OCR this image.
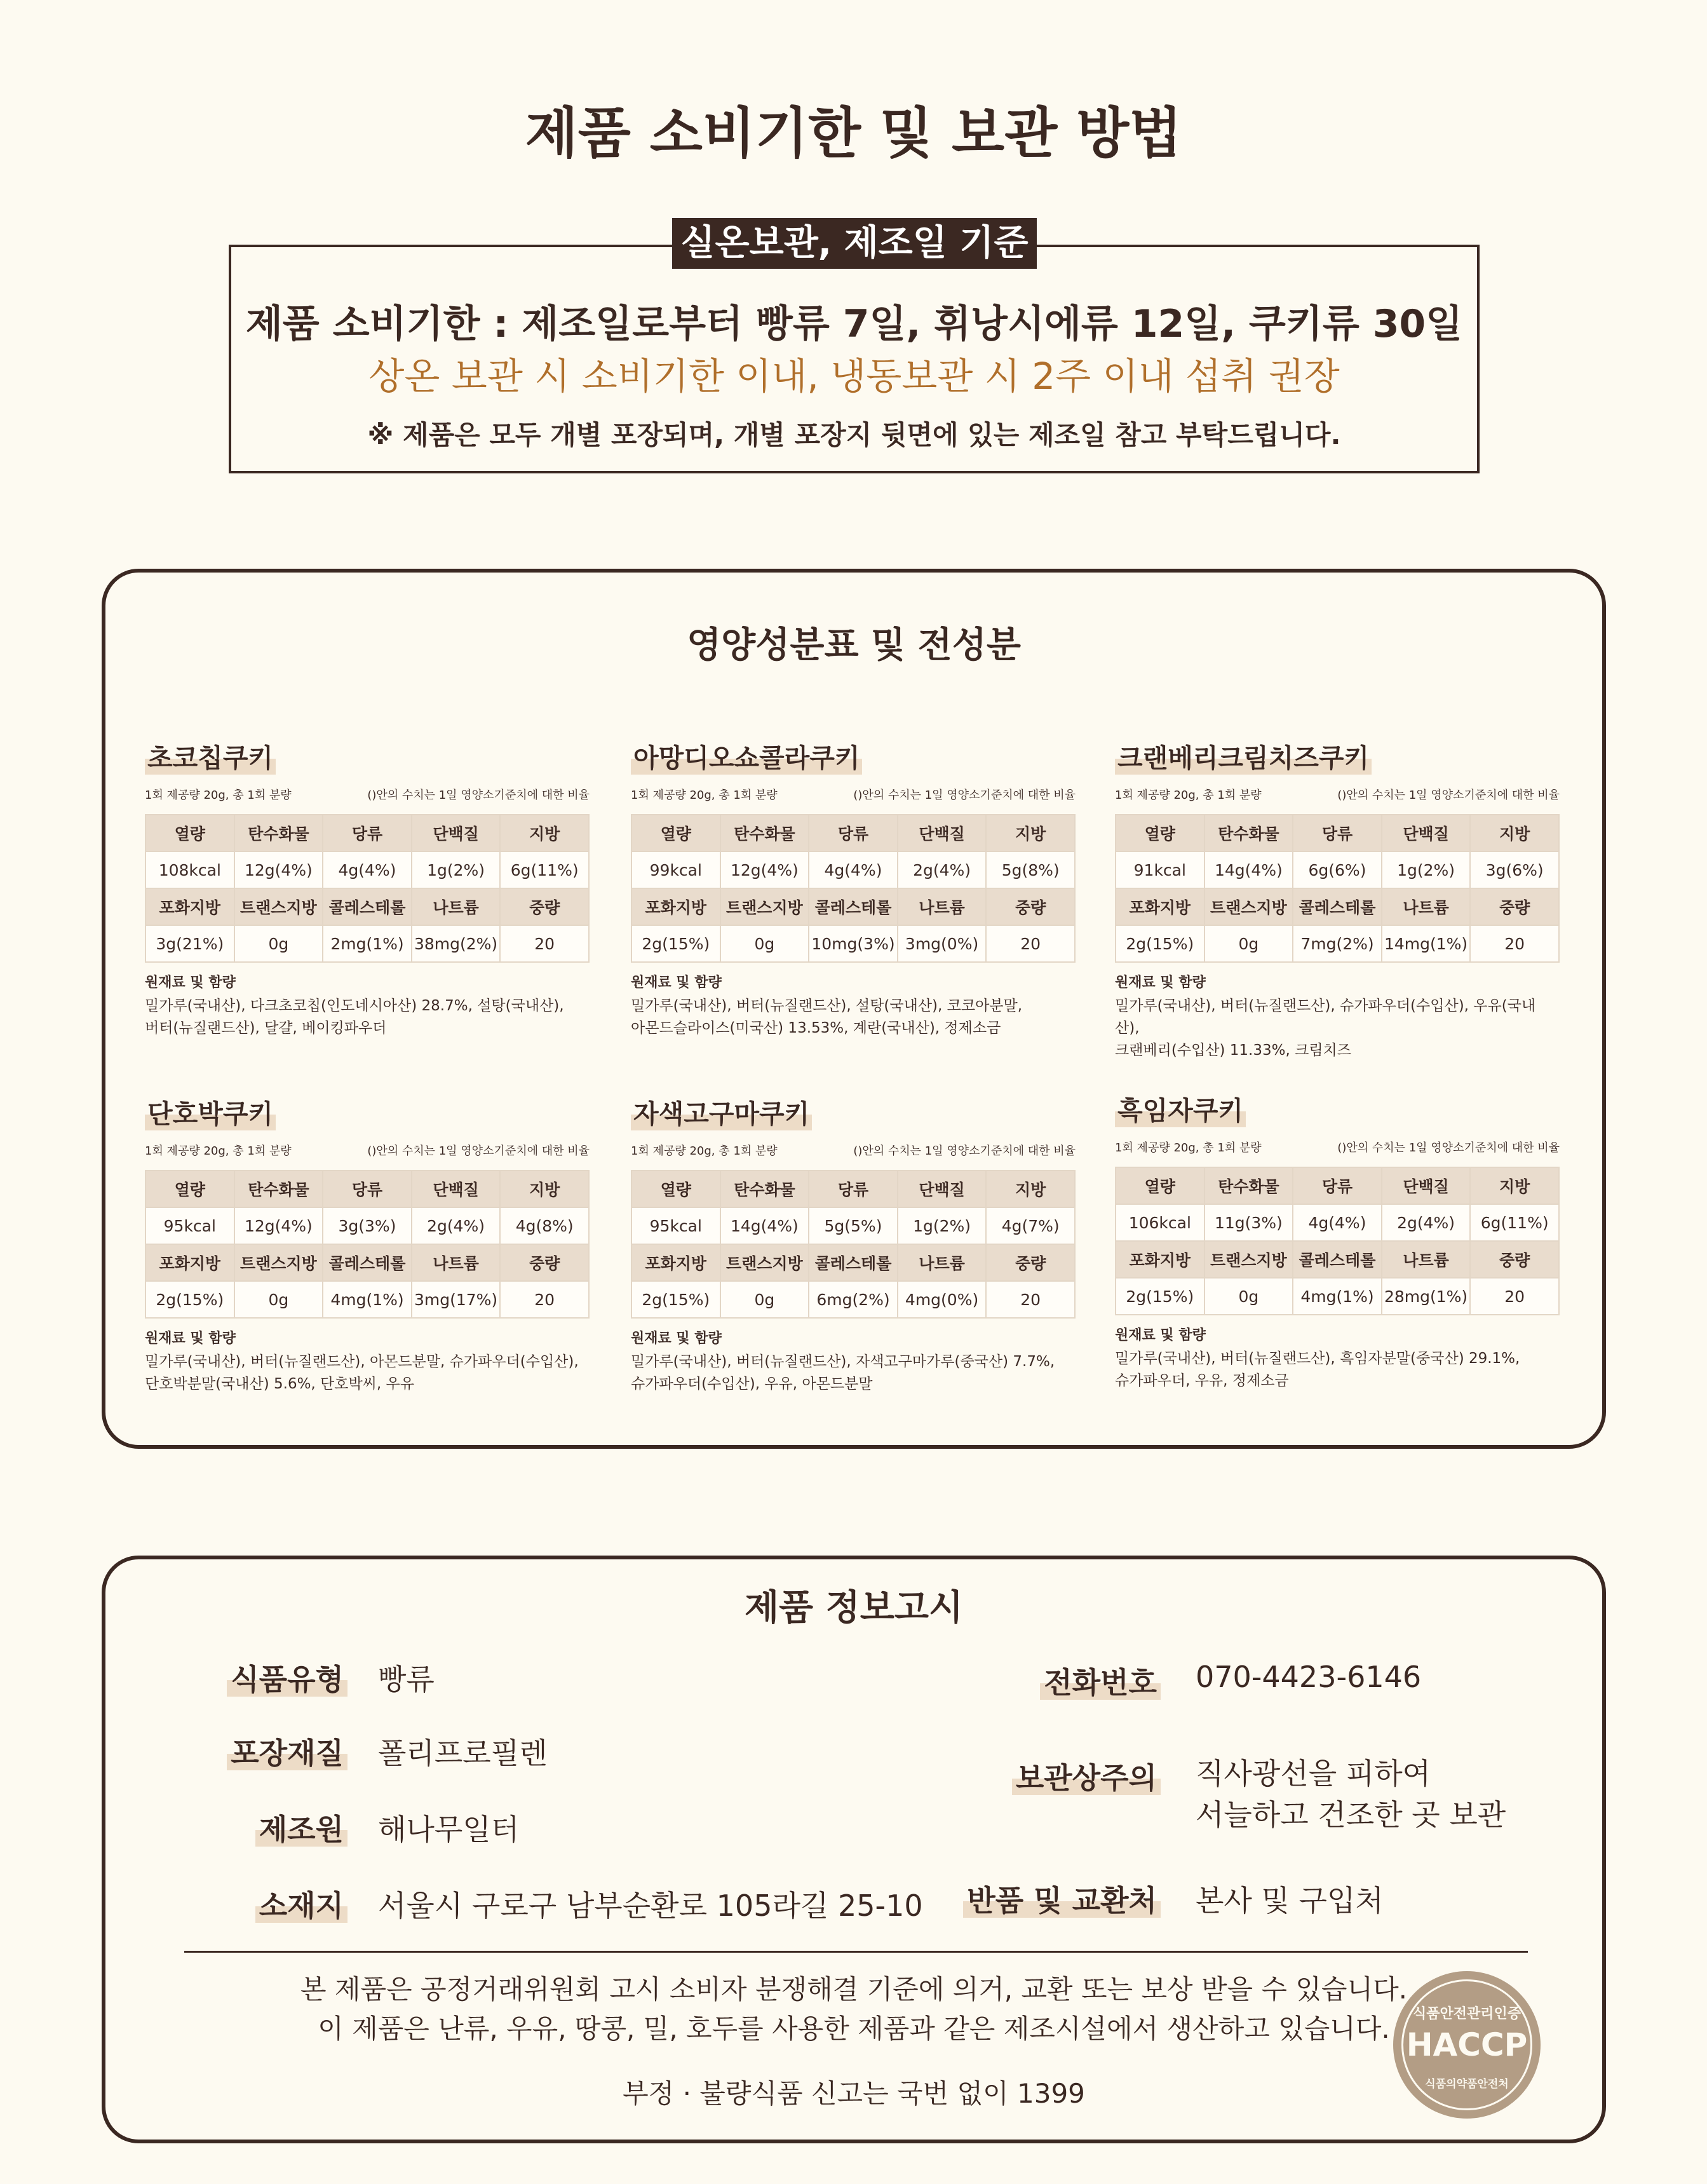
제품 소비기한 및 보관 방법
실온보관, 제조일 기준
제품 소비기한 : 제조일로부터 빵류 7일, 휘낭시에류 12일, 쿠키류 30일
상온 보관 시 소비기한 이내, 냉동보관 시 2주 이내 섭취 권장
※ 제품은 모두 개별 포장되며, 개별 포장지 뒷면에 있는 제조일 참고 부탁드립니다.
영양성분표 및 전성분
초코칩쿠키
1회 제공량 20g, 총 1회 분량	()안의 수치는 1일 영양소기준치에 대한 비율
열량	탄수화물	당류	단백질	지방
108kcal	12g(4%)	4g(4%)	1g(2%)	6g(11%)
포화지방	트랜스지방	콜레스테롤	나트륨	중량
3g(21%)	0g	2mg(1%)	38mg(2%)	20
원재료 및 함량
밀가루(국내산), 다크초코칩(인도네시아산) 28.7%, 설탕(국내산),
버터(뉴질랜드산), 달걀, 베이킹파우더
아망디오쇼콜라쿠키
1회 제공량 20g, 총 1회 분량	()안의 수치는 1일 영양소기준치에 대한 비율
열량	탄수화물	당류	단백질	지방
99kcal	12g(4%)	4g(4%)	2g(4%)	5g(8%)
포화지방	트랜스지방	콜레스테롤	나트륨	중량
2g(15%)	0g	10mg(3%)	3mg(0%)	20
원재료 및 함량
밀가루(국내산), 버터(뉴질랜드산), 설탕(국내산), 코코아분말,
아몬드슬라이스(미국산) 13.53%, 계란(국내산), 정제소금
크랜베리크림치즈쿠키
1회 제공량 20g, 총 1회 분량	()안의 수치는 1일 영양소기준치에 대한 비율
열량	탄수화물	당류	단백질	지방
91kcal	14g(4%)	6g(6%)	1g(2%)	3g(6%)
포화지방	트랜스지방	콜레스테롤	나트륨	중량
2g(15%)	0g	7mg(2%)	14mg(1%)	20
원재료 및 함량
밀가루(국내산), 버터(뉴질랜드산), 슈가파우더(수입산), 우유(국내산),
크랜베리(수입산) 11.33%, 크림치즈
단호박쿠키
1회 제공량 20g, 총 1회 분량	()안의 수치는 1일 영양소기준치에 대한 비율
열량	탄수화물	당류	단백질	지방
95kcal	12g(4%)	3g(3%)	2g(4%)	4g(8%)
포화지방	트랜스지방	콜레스테롤	나트륨	중량
2g(15%)	0g	4mg(1%)	3mg(17%)	20
원재료 및 함량
밀가루(국내산), 버터(뉴질랜드산), 아몬드분말, 슈가파우더(수입산),
단호박분말(국내산) 5.6%, 단호박씨, 우유
자색고구마쿠키
1회 제공량 20g, 총 1회 분량	()안의 수치는 1일 영양소기준치에 대한 비율
열량	탄수화물	당류	단백질	지방
95kcal	14g(4%)	5g(5%)	1g(2%)	4g(7%)
포화지방	트랜스지방	콜레스테롤	나트륨	중량
2g(15%)	0g	6mg(2%)	4mg(0%)	20
원재료 및 함량
밀가루(국내산), 버터(뉴질랜드산), 자색고구마가루(중국산) 7.7%,
슈가파우더(수입산), 우유, 아몬드분말
흑임자쿠키
1회 제공량 20g, 총 1회 분량	()안의 수치는 1일 영양소기준치에 대한 비율
열량	탄수화물	당류	단백질	지방
106kcal	11g(3%)	4g(4%)	2g(4%)	6g(11%)
포화지방	트랜스지방	콜레스테롤	나트륨	중량
2g(15%)	0g	4mg(1%)	28mg(1%)	20
원재료 및 함량
밀가루(국내산), 버터(뉴질랜드산), 흑임자분말(중국산) 29.1%,
슈가파우더, 우유, 정제소금
제품 정보고시
식품유형 빵류
포장재질 폴리프로필렌
제조원 해나무일터
소재지 서울시 구로구 남부순환로 105라길 25-10
전화번호 070-4423-6146
보관상주의 직사광선을 피하여
서늘하고 건조한 곳 보관
반품 및 교환처 본사 및 구입처
본 제품은 공정거래위원회 고시 소비자 분쟁해결 기준에 의거, 교환 또는 보상 받을 수 있습니다.
이 제품은 난류, 우유, 땅콩, 밀, 호두를 사용한 제품과 같은 제조시설에서 생산하고 있습니다.
부정 · 불량식품 신고는 국번 없이 1399
식품안전관리인증
HACCP
식품의약품안전처
